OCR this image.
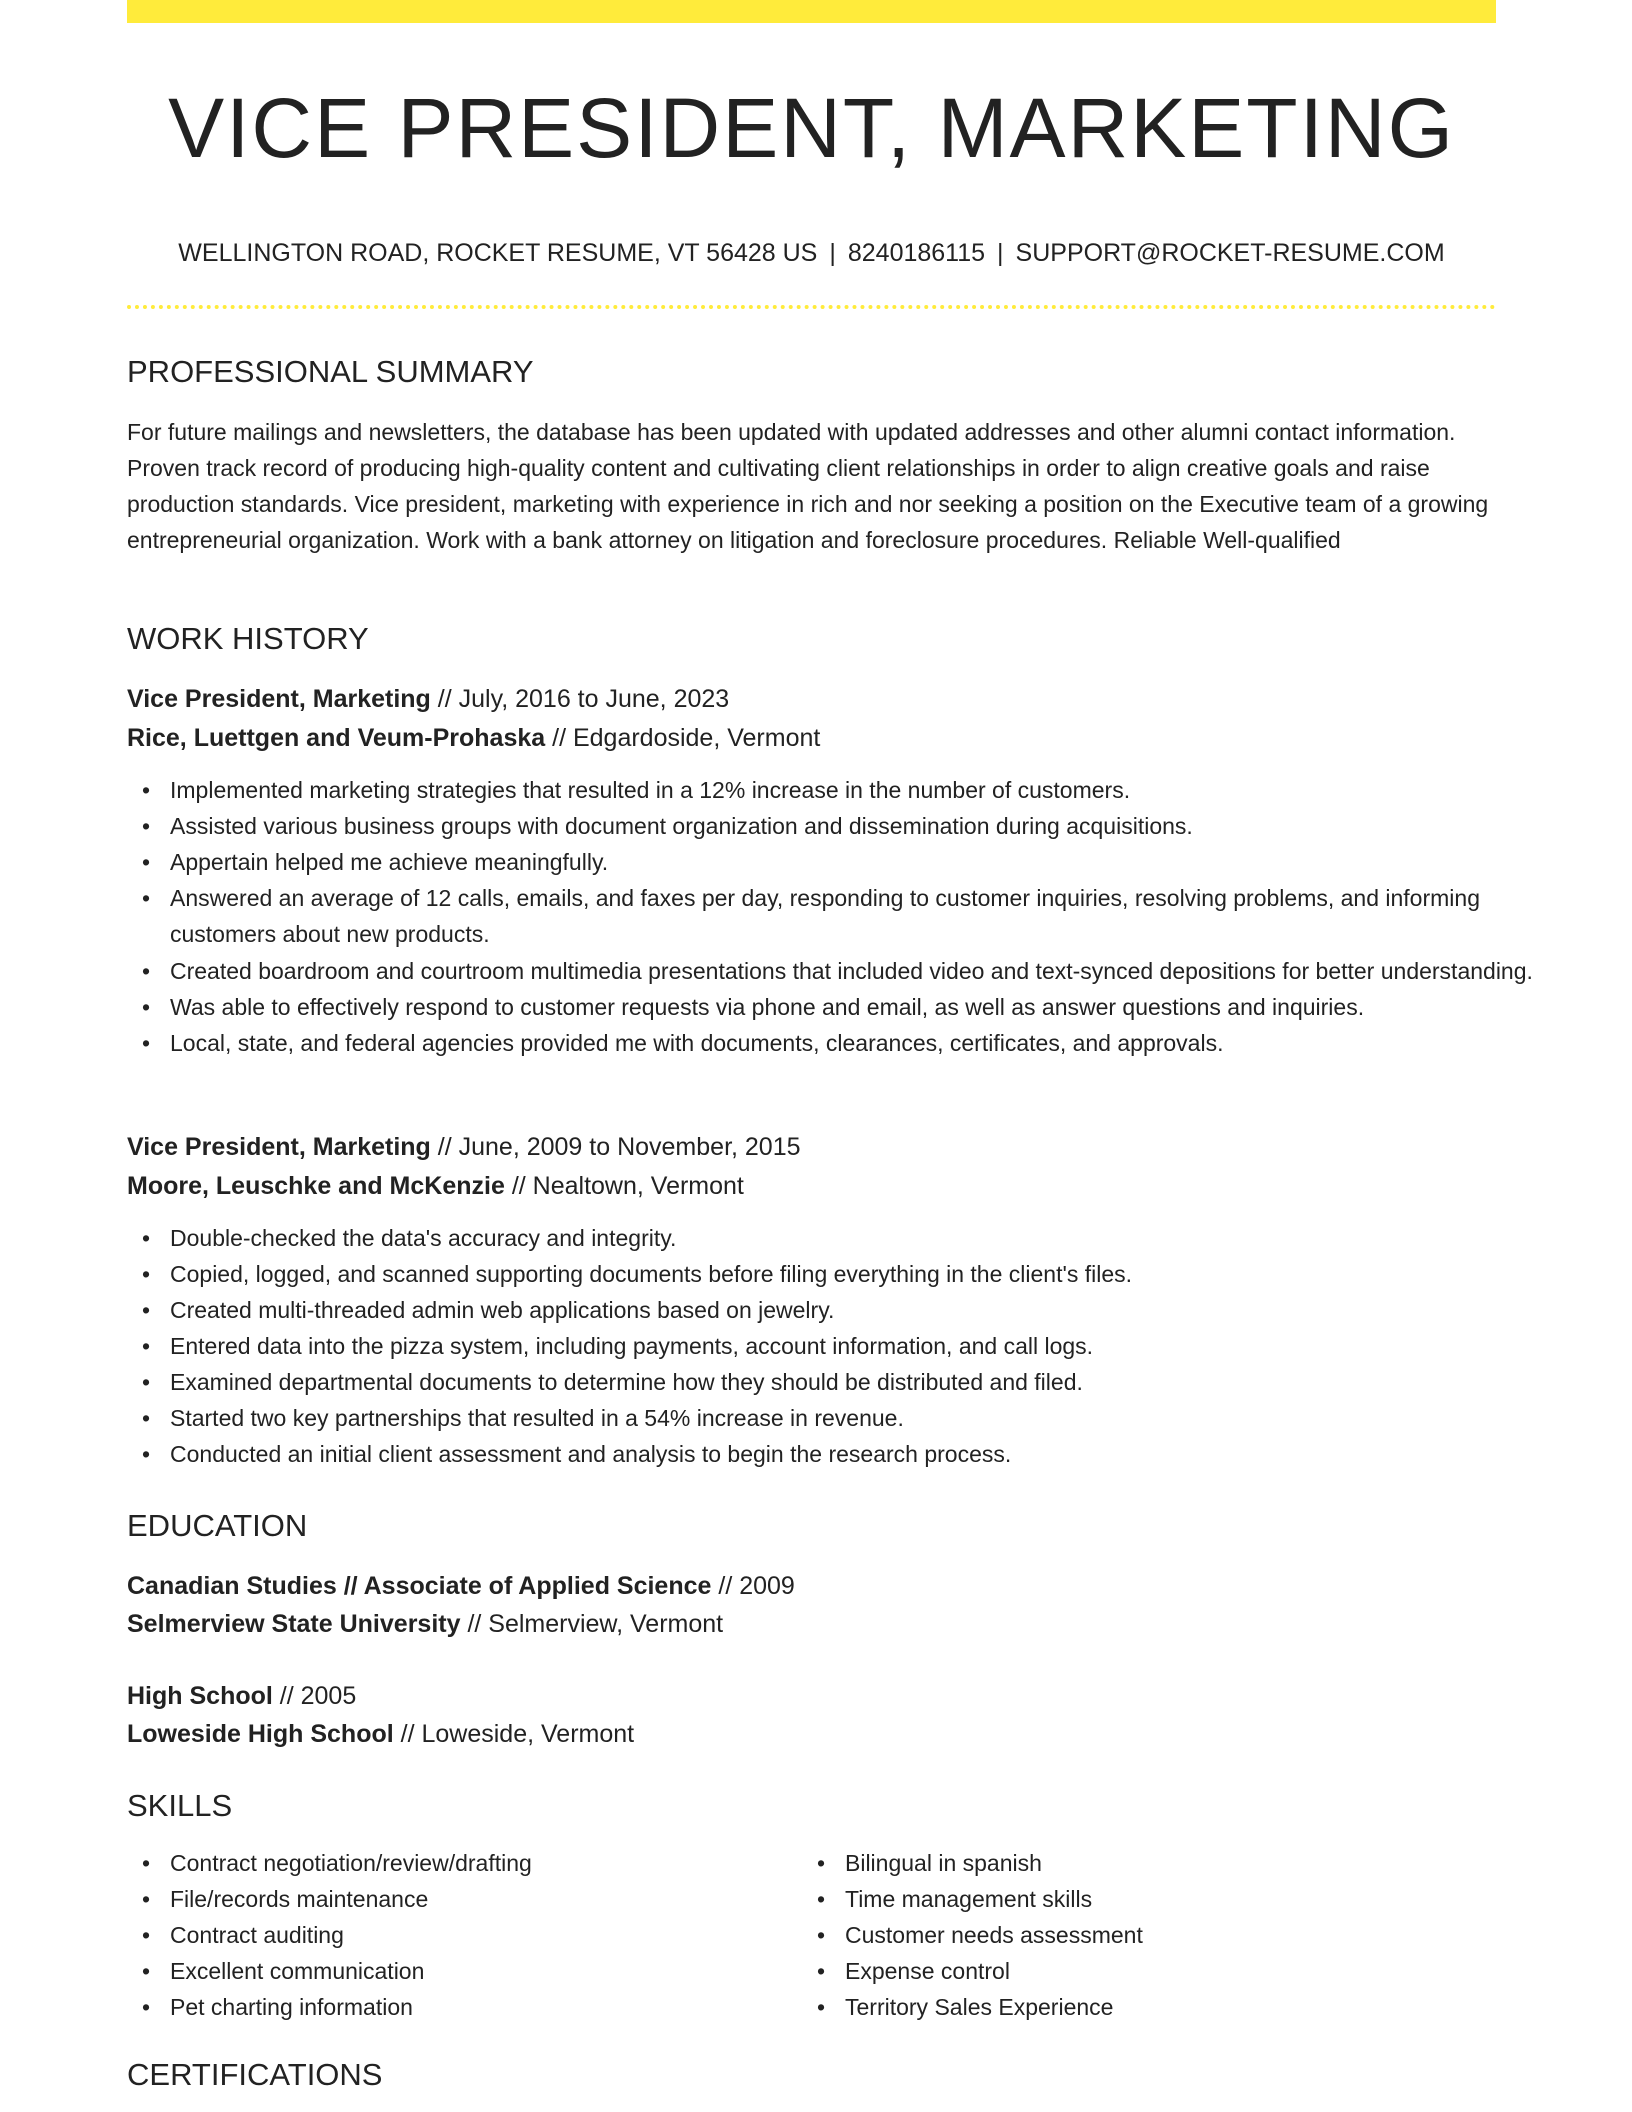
VICE PRESIDENT, MARKETING
WELLINGTON ROAD, ROCKET RESUME, VT 56428 US | 8240186115 | SUPPORT@ROCKET-RESUME.COM
PROFESSIONAL SUMMARY
For future mailings and newsletters, the database has been updated with updated addresses and other alumni contact information. Proven track record of producing high-quality content and cultivating client relationships in order to align creative goals and raise production standards. Vice president, marketing with experience in rich and nor seeking a position on the Executive team of a growing entrepreneurial organization. Work with a bank attorney on litigation and foreclosure procedures. Reliable Well-qualified
WORK HISTORY
Vice President, Marketing // July, 2016 to June, 2023
Rice, Luettgen and Veum-Prohaska // Edgardoside, Vermont
• Implemented marketing strategies that resulted in a 12% increase in the number of customers.
• Assisted various business groups with document organization and dissemination during acquisitions.
• Appertain helped me achieve meaningfully.
• Answered an average of 12 calls, emails, and faxes per day, responding to customer inquiries, resolving problems, and informing customers about new products.
• Created boardroom and courtroom multimedia presentations that included video and text-synced depositions for better understanding.
• Was able to effectively respond to customer requests via phone and email, as well as answer questions and inquiries.
• Local, state, and federal agencies provided me with documents, clearances, certificates, and approvals.
Vice President, Marketing // June, 2009 to November, 2015
Moore, Leuschke and McKenzie // Nealtown, Vermont
• Double-checked the data's accuracy and integrity.
• Copied, logged, and scanned supporting documents before filing everything in the client's files.
• Created multi-threaded admin web applications based on jewelry.
• Entered data into the pizza system, including payments, account information, and call logs.
• Examined departmental documents to determine how they should be distributed and filed.
• Started two key partnerships that resulted in a 54% increase in revenue.
• Conducted an initial client assessment and analysis to begin the research process.
EDUCATION
Canadian Studies // Associate of Applied Science // 2009
Selmerview State University // Selmerview, Vermont
High School // 2005
Loweside High School // Loweside, Vermont
SKILLS
• Contract negotiation/review/drafting
• File/records maintenance
• Contract auditing
• Excellent communication
• Pet charting information
• Bilingual in spanish
• Time management skills
• Customer needs assessment
• Expense control
• Territory Sales Experience
CERTIFICATIONS
